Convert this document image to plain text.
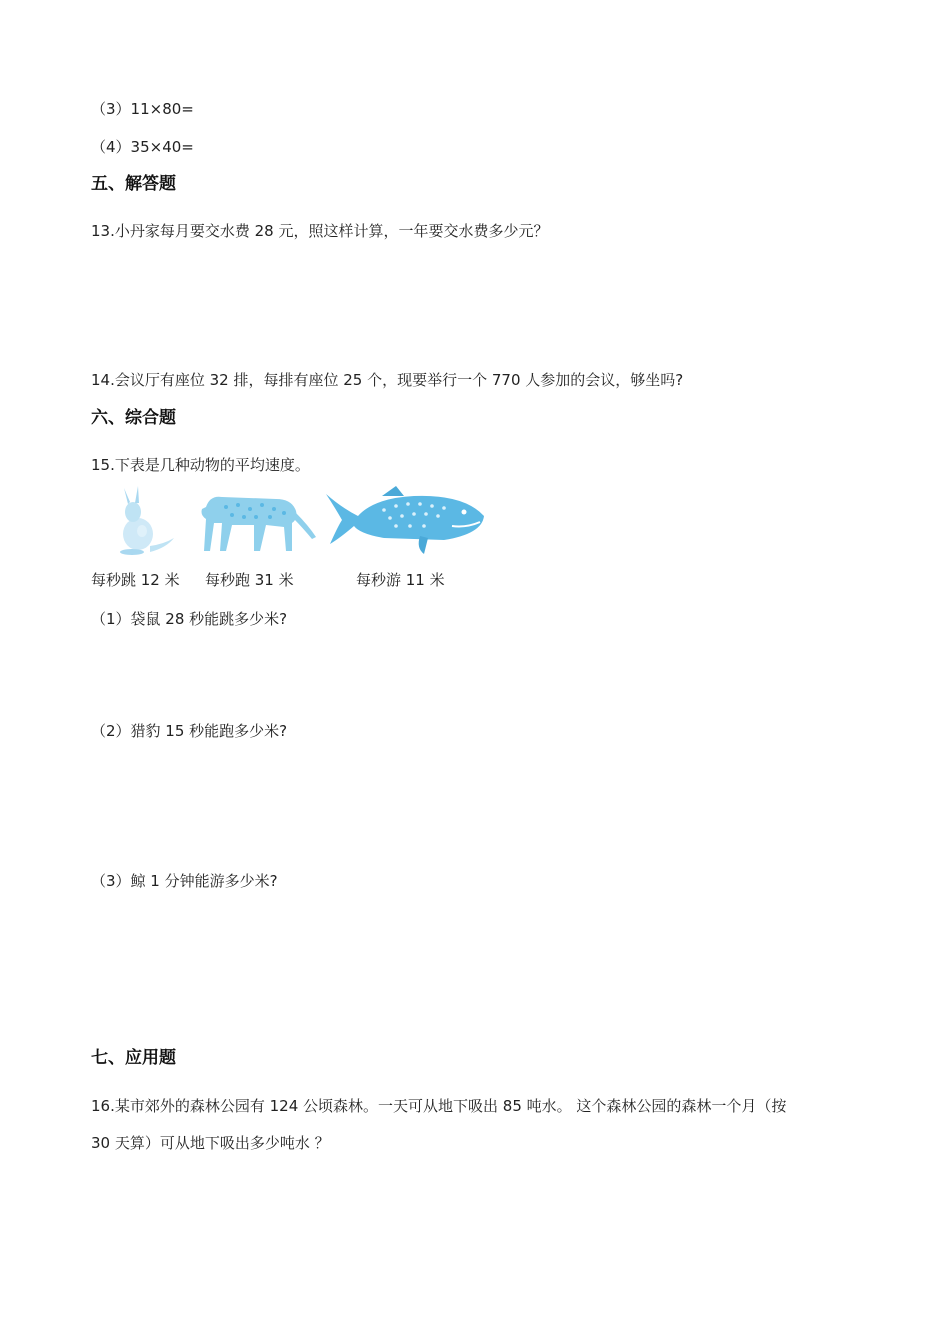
（3）11×80=
（4）35×40=
五、解答题
13.小丹家每月要交水费 28 元，照这样计算，一年要交水费多少元？
14.会议厅有座位 32 排，每排有座位 25 个，现要举行一个 770 人参加的会议，够坐吗?
六、综合题
15.下表是几种动物的平均速度。
每秒跳 12 米 每秒跑 31 米	每秒游 11 米
（1）袋鼠 28 秒能跳多少米?
（2）猎豹 15 秒能跑多少米?
（3）鲸 1 分钟能游多少米?
七、应用题
16.某市郊外的森林公园有 124 公顷森林。一天可从地下吸出 85 吨水。 这个森林公园的森林一个月（按
30 天算）可从地下吸出多少吨水 ？
